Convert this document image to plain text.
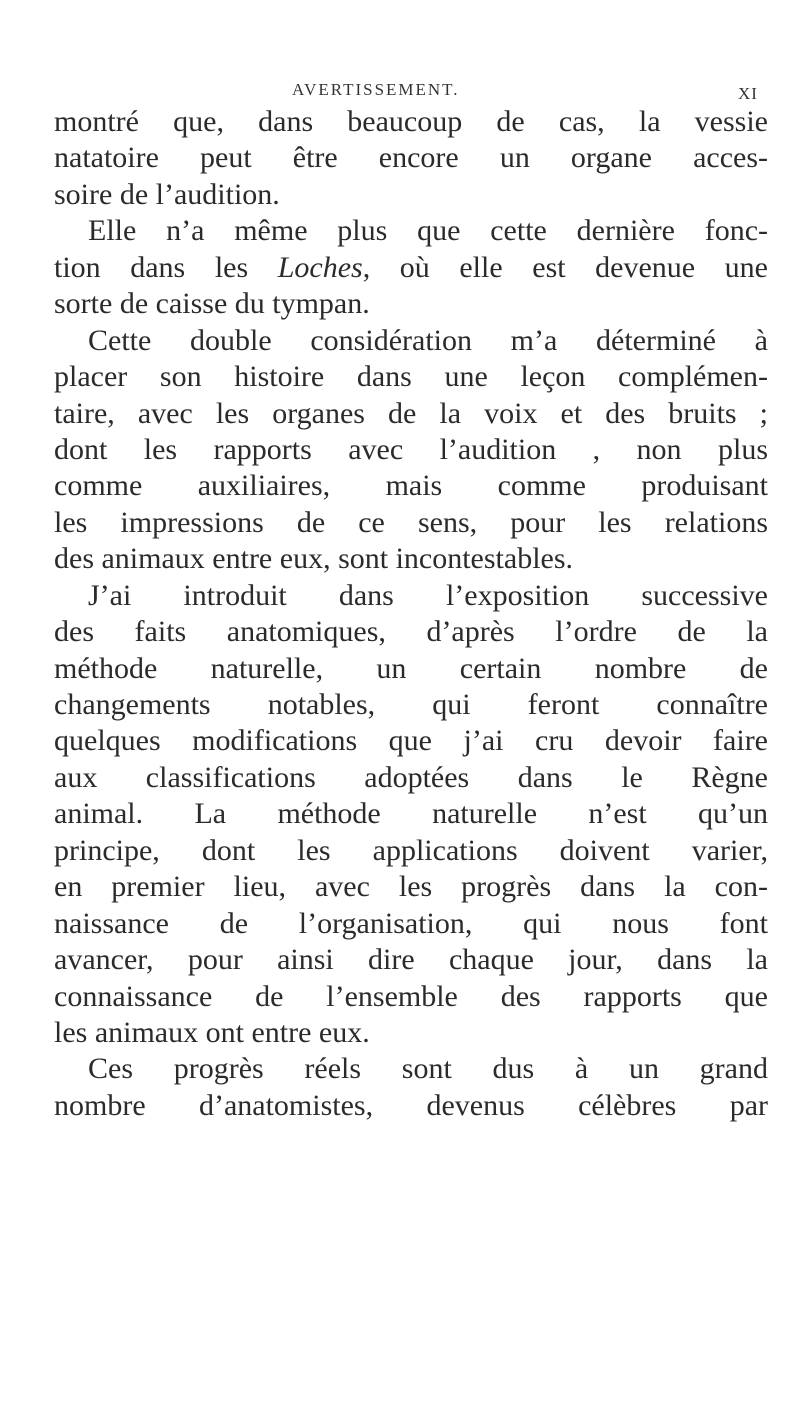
AVERTISSEMENT.	XI
montré que, dans beaucoup de cas, la vessie
natatoire peut être encore un organe acces-
soire de l’audition.
Elle n’a même plus que cette dernière fonc-
tion dans les Loches, où elle est devenue une
sorte de caisse du tympan.
Cette double considération m’a déterminé à
placer son histoire dans une leçon complémen-
taire, avec les organes de la voix et des bruits ;
dont les rapports avec l’audition , non plus
comme auxiliaires, mais comme produisant
les impressions de ce sens, pour les relations
des animaux entre eux, sont incontestables.
J’ai introduit dans l’exposition successive
des faits anatomiques, d’après l’ordre de la
méthode naturelle, un certain nombre de
changements notables, qui feront connaître
quelques modifications que j’ai cru devoir faire
aux classifications adoptées dans le Règne
animal. La méthode naturelle n’est qu’un
principe, dont les applications doivent varier,
en premier lieu, avec les progrès dans la con-
naissance de l’organisation, qui nous font
avancer, pour ainsi dire chaque jour, dans la
connaissance de l’ensemble des rapports que
les animaux ont entre eux.
Ces progrès réels sont dus à un grand
nombre d’anatomistes, devenus célèbres par
